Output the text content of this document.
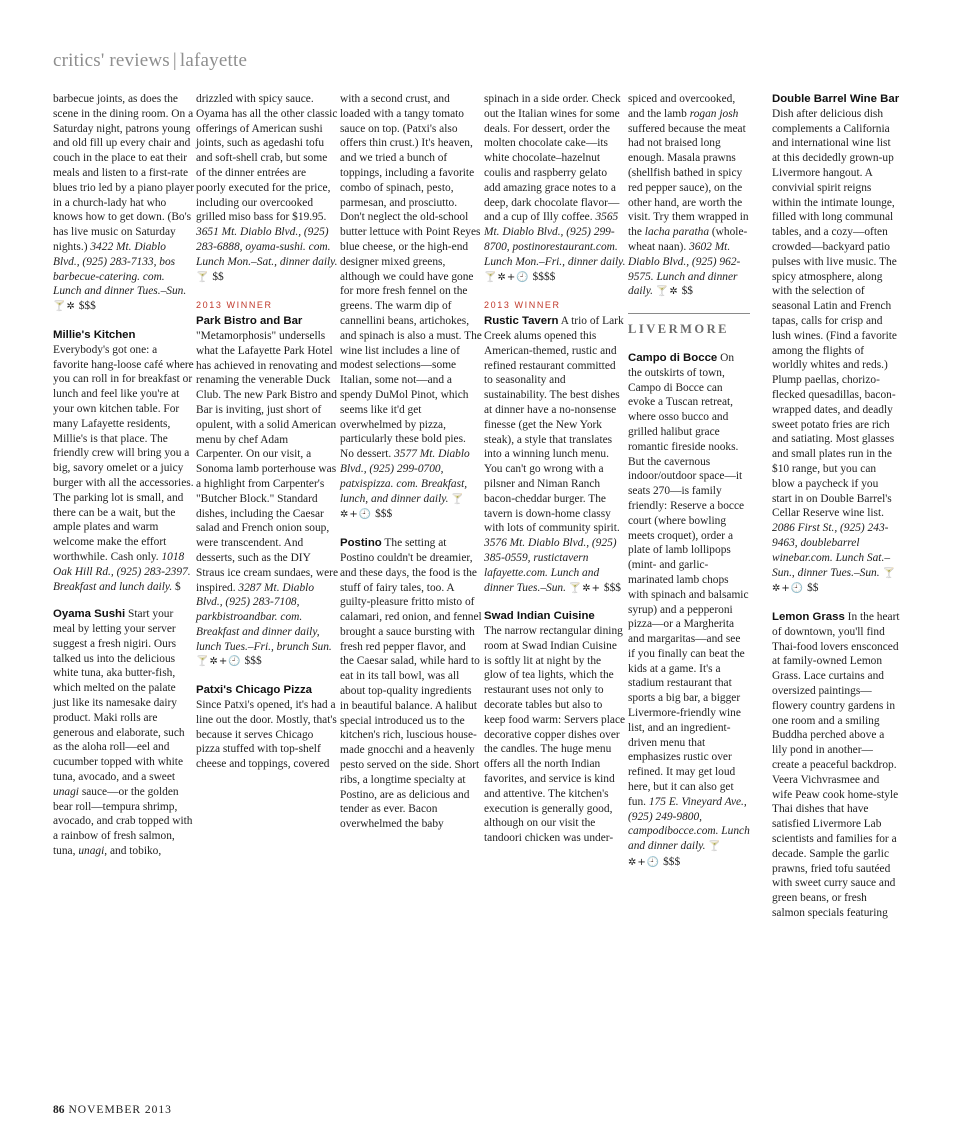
critics' reviews | lafayette

barbecue joints, as does the scene in the dining room. On a Saturday night, patrons young and old fill up every chair and couch in the place to eat their meals and listen to a first-rate blues trio led by a piano player in a church-lady hat who knows how to get down. (Bo's has live music on Saturday nights.) 3422 Mt. Diablo Blvd., (925) 283-7133, bos barbecue-catering. com. Lunch and dinner Tues.–Sun. 🍸✲ $$$

Millie's Kitchen
Everybody's got one: a favorite hang-loose café where you can roll in for breakfast or lunch and feel like you're at your own kitchen table. For many Lafayette residents, Millie's is that place. The friendly crew will bring you a big, savory omelet or a juicy burger with all the accessories. The parking lot is small, and there can be a wait, but the ample plates and warm welcome make the effort worthwhile. Cash only. 1018 Oak Hill Rd., (925) 283-2397. Breakfast and lunch daily. $

Oyama Sushi Start your meal by letting your server suggest a fresh nigiri. Ours talked us into the delicious white tuna, aka butter-fish, which melted on the palate just like its namesake dairy product. Maki rolls are generous and elaborate, such as the aloha roll—eel and cucumber topped with white tuna, avocado, and a sweet unagi sauce—or the golden bear roll—tempura shrimp, avocado, and crab topped with a rainbow of fresh salmon, tuna, unagi, and tobiko,

drizzled with spicy sauce. Oyama has all the other classic offerings of American sushi joints, such as agedashi tofu and soft-shell crab, but some of the dinner entrées are poorly executed for the price, including our overcooked grilled miso bass for $19.95. 3651 Mt. Diablo Blvd., (925) 283-6888, oyama-sushi. com. Lunch Mon.–Sat., dinner daily. 🍸 $$

2013 WINNER
Park Bistro and Bar "Metamorphosis" undersells what the Lafayette Park Hotel has achieved in renovating and renaming the venerable Duck Club. The new Park Bistro and Bar is inviting, just short of opulent, with a solid American menu by chef Adam Carpenter. On our visit, a Sonoma lamb porterhouse was a highlight from Carpenter's "Butcher Block." Standard dishes, including the Caesar salad and French onion soup, were transcendent. And desserts, such as the DIY Straus ice cream sundaes, were inspired. 3287 Mt. Diablo Blvd., (925) 283-7108, parkbistroandbar. com. Breakfast and dinner daily, lunch Tues.–Fri., brunch Sun. 🍸✲+🕘 $$$

Patxi's Chicago Pizza Since Patxi's opened, it's had a line out the door. Mostly, that's because it serves Chicago pizza stuffed with top-shelf cheese and toppings, covered

with a second crust, and loaded with a tangy tomato sauce on top. (Patxi's also offers thin crust.) It's heaven, and we tried a bunch of toppings, including a favorite combo of spinach, pesto, parmesan, and prosciutto. Don't neglect the old-school butter lettuce with Point Reyes blue cheese, or the high-end designer mixed greens, although we could have gone for more fresh fennel on the greens. The warm dip of cannellini beans, artichokes, and spinach is also a must. The wine list includes a line of modest selections—some Italian, some not—and a spendy DuMol Pinot, which seems like it'd get overwhelmed by pizza, particularly these bold pies. No dessert. 3577 Mt. Diablo Blvd., (925) 299-0700, patxispizza. com. Breakfast, lunch, and dinner daily. 🍸✲+🕘 $$$

Postino The setting at Postino couldn't be dreamier, and these days, the food is the stuff of fairy tales, too. A guilty-pleasure fritto misto of calamari, red onion, and fennel brought a sauce bursting with fresh red pepper flavor, and the Caesar salad, while hard to eat in its tall bowl, was all about top-quality ingredients in beautiful balance. A halibut special introduced us to the kitchen's rich, luscious house-made gnocchi and a heavenly pesto served on the side. Short ribs, a longtime specialty at Postino, are as delicious and tender as ever. Bacon overwhelmed the baby

spinach in a side order. Check out the Italian wines for some deals. For dessert, order the molten chocolate cake—its white chocolate–hazelnut coulis and raspberry gelato add amazing grace notes to a deep, dark chocolate flavor—and a cup of Illy coffee. 3565 Mt. Diablo Blvd., (925) 299-8700, postinorestaurant.com. Lunch Mon.–Fri., dinner daily. 🍸✲+🕘 $$$$

2013 WINNER
Rustic Tavern A trio of Lark Creek alums opened this American-themed, rustic and refined restaurant committed to seasonality and sustainability. The best dishes at dinner have a no-nonsense finesse (get the New York steak), a style that translates into a winning lunch menu. You can't go wrong with a pilsner and Niman Ranch bacon-cheddar burger. The tavern is down-home classy with lots of community spirit. 3576 Mt. Diablo Blvd., (925) 385-0559, rustictavern lafayette.com. Lunch and dinner Tues.–Sun. 🍸✲+ $$$

Swad Indian Cuisine
The narrow rectangular dining room at Swad Indian Cuisine is softly lit at night by the glow of tea lights, which the restaurant uses not only to decorate tables but also to keep food warm: Servers place decorative copper dishes over the candles. The huge menu offers all the north Indian favorites, and service is kind and attentive. The kitchen's execution is generally good, although on our visit the tandoori chicken was under-

spiced and overcooked, and the lamb rogan josh suffered because the meat had not braised long enough. Masala prawns (shellfish bathed in spicy red pepper sauce), on the other hand, are worth the visit. Try them wrapped in the lacha paratha (whole-wheat naan). 3602 Mt. Diablo Blvd., (925) 962-9575. Lunch and dinner daily. 🍸✲ $$

LIVERMORE

Campo di Bocce On the outskirts of town, Campo di Bocce can evoke a Tuscan retreat, where osso bucco and grilled halibut grace romantic fireside nooks. But the cavernous indoor/outdoor space—it seats 270—is family friendly: Reserve a bocce court (where bowling meets croquet), order a plate of lamb lollipops (mint- and garlic-marinated lamb chops with spinach and balsamic syrup) and a pepperoni pizza—or a Margherita and margaritas—and see if you finally can beat the kids at a game. It's a stadium restaurant that sports a big bar, a bigger Livermore-friendly wine list, and an ingredient-driven menu that emphasizes rustic over refined. It may get loud here, but it can also get fun. 175 E. Vineyard Ave., (925) 249-9800, campodibocce.com. Lunch and dinner daily. 🍸✲+🕘 $$$

Double Barrel Wine Bar Dish after delicious dish complements a California and international wine list at this decidedly grown-up Livermore hangout. A convivial spirit reigns within the intimate lounge, filled with long communal tables, and a cozy—often crowded—backyard patio pulses with live music. The spicy atmosphere, along with the selection of seasonal Latin and French tapas, calls for crisp and lush wines. (Find a favorite among the flights of worldly whites and reds.) Plump paellas, chorizo-flecked quesadillas, bacon-wrapped dates, and deadly sweet potato fries are rich and satiating. Most glasses and small plates run in the $10 range, but you can blow a paycheck if you start in on Double Barrel's Cellar Reserve wine list. 2086 First St., (925) 243-9463, doublebarrel winebar.com. Lunch Sat.–Sun., dinner Tues.–Sun. 🍸✲+🕘 $$

Lemon Grass In the heart of downtown, you'll find Thai-food lovers ensconced at family-owned Lemon Grass. Lace curtains and oversized paintings—flowery country gardens in one room and a smiling Buddha perched above a lily pond in another—create a peaceful backdrop. Veera Vichvrasmee and wife Peaw cook home-style Thai dishes that have satisfied Livermore Lab scientists and families for a decade. Sample the garlic prawns, fried tofu sautéed with sweet curry sauce and green beans, or fresh salmon specials featuring

86 NOVEMBER 2013
